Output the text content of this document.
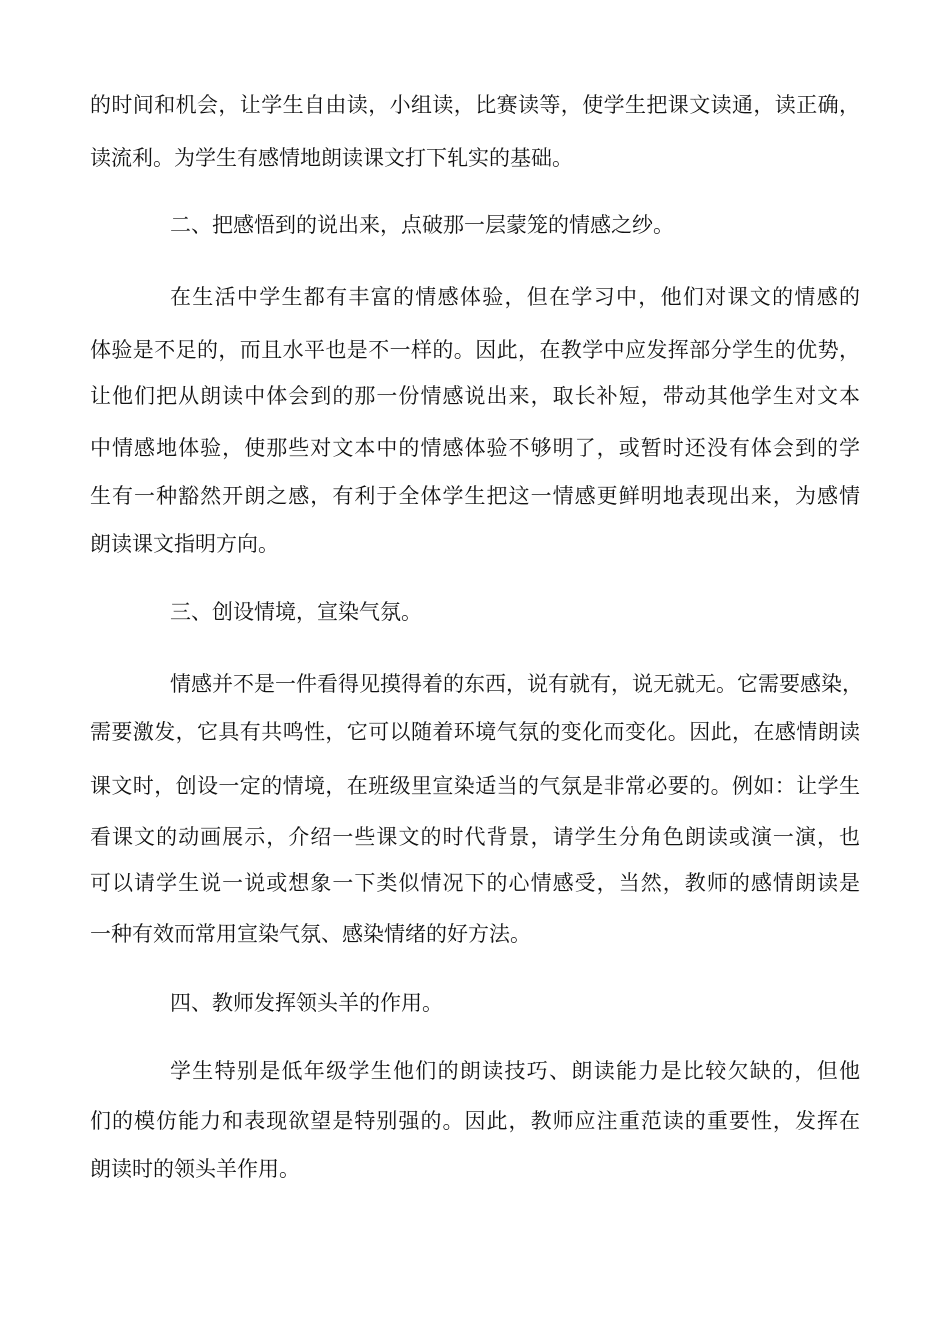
的时间和机会，让学生自由读，小组读，比赛读等，使学生把课文读通，读正确，

读流利。为学生有感情地朗读课文打下轧实的基础。

二、把感悟到的说出来，点破那一层蒙笼的情感之纱。

在生活中学生都有丰富的情感体验，但在学习中，他们对课文的情感的

体验是不足的，而且水平也是不一样的。因此，在教学中应发挥部分学生的优势，

让他们把从朗读中体会到的那一份情感说出来，取长补短，带动其他学生对文本

中情感地体验，使那些对文本中的情感体验不够明了，或暂时还没有体会到的学

生有一种豁然开朗之感，有利于全体学生把这一情感更鲜明地表现出来，为感情

朗读课文指明方向。

三、创设情境，宣染气氛。

情感并不是一件看得见摸得着的东西，说有就有，说无就无。它需要感染，

需要激发，它具有共鸣性，它可以随着环境气氛的变化而变化。因此，在感情朗读

课文时，创设一定的情境，在班级里宣染适当的气氛是非常必要的。例如：让学生

看课文的动画展示，介绍一些课文的时代背景，请学生分角色朗读或演一演，也

可以请学生说一说或想象一下类似情况下的心情感受，当然，教师的感情朗读是

一种有效而常用宣染气氛、感染情绪的好方法。

四、教师发挥领头羊的作用。

学生特别是低年级学生他们的朗读技巧、朗读能力是比较欠缺的，但他

们的模仿能力和表现欲望是特别强的。因此，教师应注重范读的重要性，发挥在

朗读时的领头羊作用。
